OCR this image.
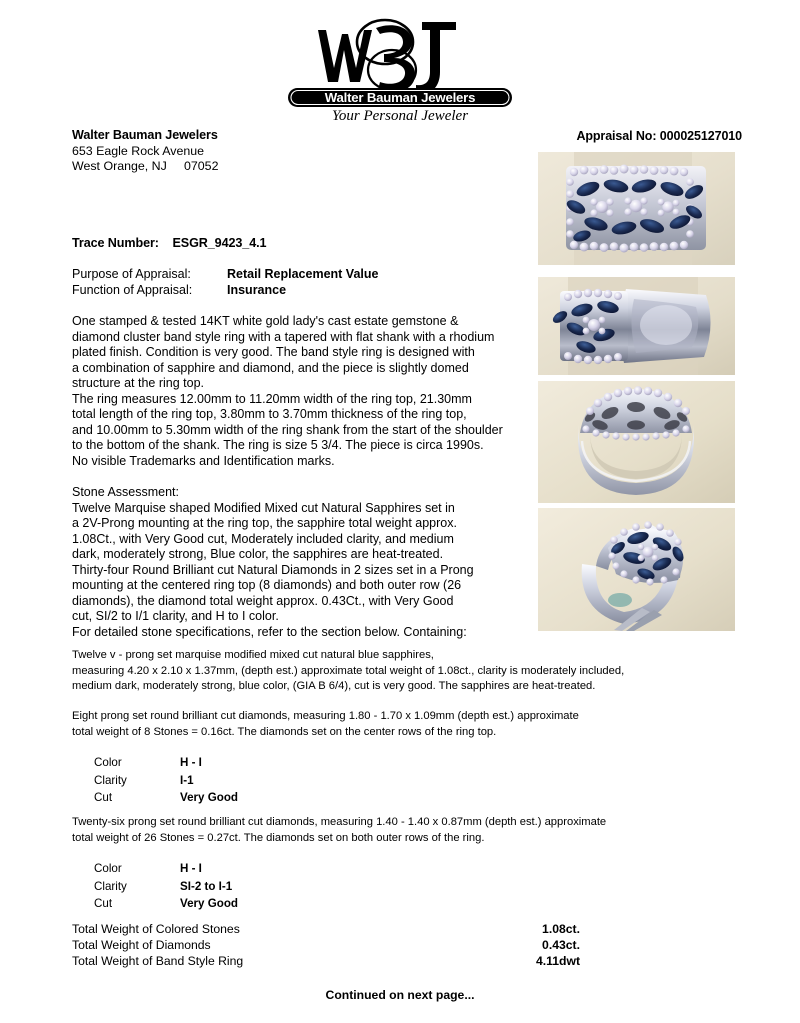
Walter Bauman Jewelers
Your Personal Jeweler
Walter Bauman Jewelers
653 Eagle Rock Avenue
West Orange, NJ     07052
Appraisal No: 000025127010
Trace Number:    ESGR_9423_4.1
Purpose of Appraisal:	Retail Replacement Value
Function of Appraisal:	Insurance

One stamped & tested 14KT white gold lady's cast estate gemstone &

diamond cluster band style ring with a tapered with flat shank with a rhodium

plated finish. Condition is very good. The band style ring is designed with

a combination of sapphire and diamond, and the piece is slightly domed

structure at the ring top.

The ring measures 12.00mm to 11.20mm width of the ring top, 21.30mm

total length of the ring top, 3.80mm to 3.70mm thickness of the ring top,

and 10.00mm to 5.30mm width of the ring shank from the start of the shoulder

to the bottom of the shank. The ring is size 5 3/4. The piece is circa 1990s.

No visible Trademarks and Identification marks.

Stone Assessment:

Twelve Marquise shaped Modified Mixed cut Natural Sapphires set in

a 2V-Prong mounting at the ring top, the sapphire total weight approx.

1.08Ct., with Very Good cut, Moderately included clarity, and medium

dark, moderately strong, Blue color, the sapphires are heat-treated.

Thirty-four Round Brilliant cut Natural Diamonds in 2 sizes set in a Prong

mounting at the centered ring top (8 diamonds) and both outer row (26

diamonds), the diamond total weight approx. 0.43Ct., with Very Good

cut, SI/2 to I/1 clarity, and H to I color.

For detailed stone specifications, refer to the section below. Containing:

Twelve v - prong set marquise modified mixed cut natural blue sapphires,

measuring 4.20 x 2.10 x 1.37mm, (depth est.) approximate total weight of 1.08ct., clarity is moderately included,

medium dark, moderately strong, blue color, (GIA B 6/4), cut is very good. The sapphires are heat-treated.

Eight prong set round brilliant cut diamonds, measuring 1.80 - 1.70 x 1.09mm (depth est.) approximate

total weight of 8 Stones = 0.16ct. The diamonds set on the center rows of the ring top.

Color	H - I
Clarity	I-1
Cut	Very Good

Twenty-six prong set round brilliant cut diamonds, measuring 1.40 - 1.40 x 0.87mm (depth est.) approximate

total weight of 26 Stones = 0.27ct. The diamonds set on both outer rows of the ring.

Color	H - I
Clarity	SI-2 to I-1
Cut	Very Good
Total Weight of Colored Stones	1.08ct.
Total Weight of Diamonds	0.43ct.
Total Weight of Band Style Ring	4.11dwt
Continued on next page...
